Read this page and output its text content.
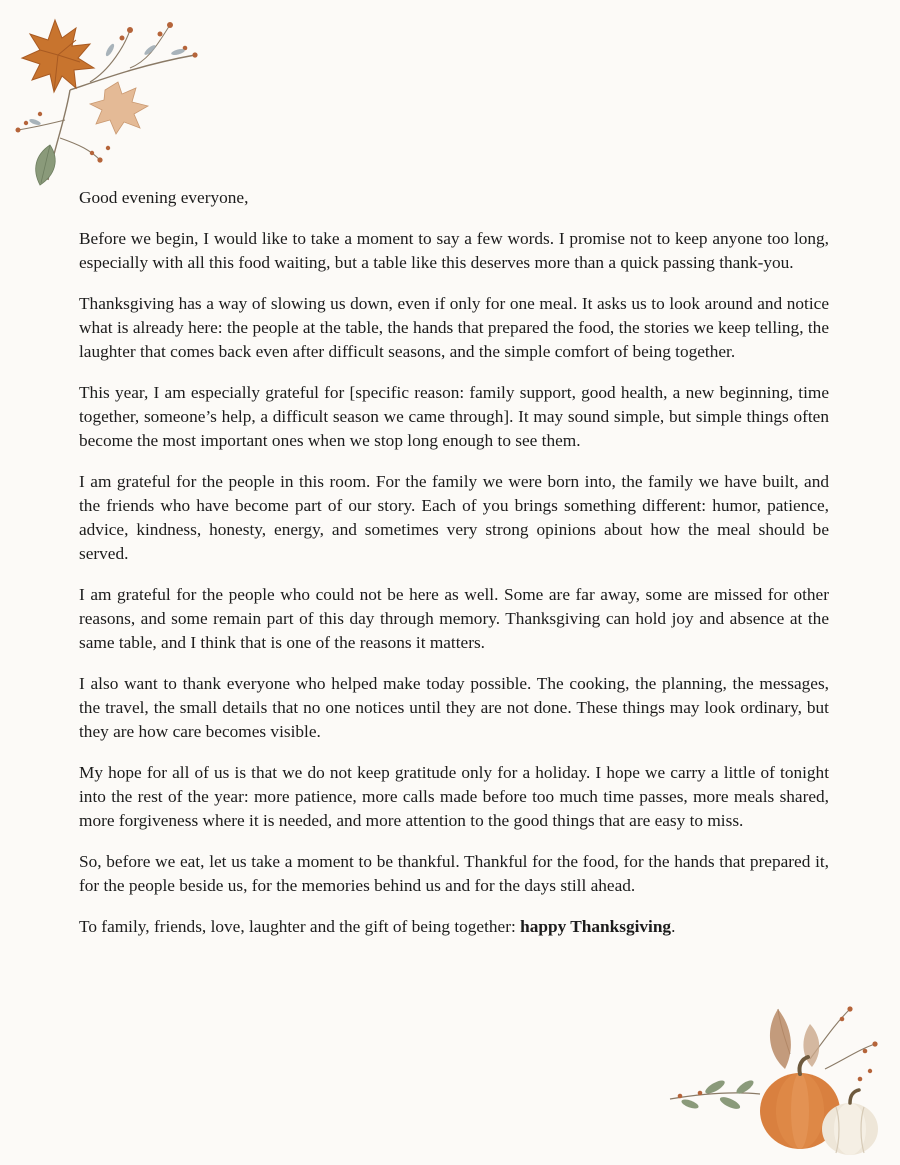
Good evening everyone,

Before we begin, I would like to take a moment to say a few words. I promise not to keep anyone too long, especially with all this food waiting, but a table like this deserves more than a quick passing thank-you.

Thanksgiving has a way of slowing us down, even if only for one meal. It asks us to look around and notice what is already here: the people at the table, the hands that prepared the food, the stories we keep telling, the laughter that comes back even after difficult seasons, and the simple comfort of being together.

This year, I am especially grateful for [specific reason: family support, good health, a new beginning, time together, someone’s help, a difficult season we came through]. It may sound simple, but simple things often become the most important ones when we stop long enough to see them.

I am grateful for the people in this room. For the family we were born into, the family we have built, and the friends who have become part of our story. Each of you brings something different: humor, patience, advice, kindness, honesty, energy, and sometimes very strong opinions about how the meal should be served.

I am grateful for the people who could not be here as well. Some are far away, some are missed for other reasons, and some remain part of this day through memory. Thanksgiving can hold joy and absence at the same table, and I think that is one of the reasons it matters.

I also want to thank everyone who helped make today possible. The cooking, the planning, the messages, the travel, the small details that no one notices until they are not done. These things may look ordinary, but they are how care becomes visible.

My hope for all of us is that we do not keep gratitude only for a holiday. I hope we carry a little of tonight into the rest of the year: more patience, more calls made before too much time passes, more meals shared, more forgiveness where it is needed, and more attention to the good things that are easy to miss.

So, before we eat, let us take a moment to be thankful. Thankful for the food, for the hands that prepared it, for the people beside us, for the memories behind us and for the days still ahead.

To family, friends, love, laughter and the gift of being together: happy Thanksgiving.
